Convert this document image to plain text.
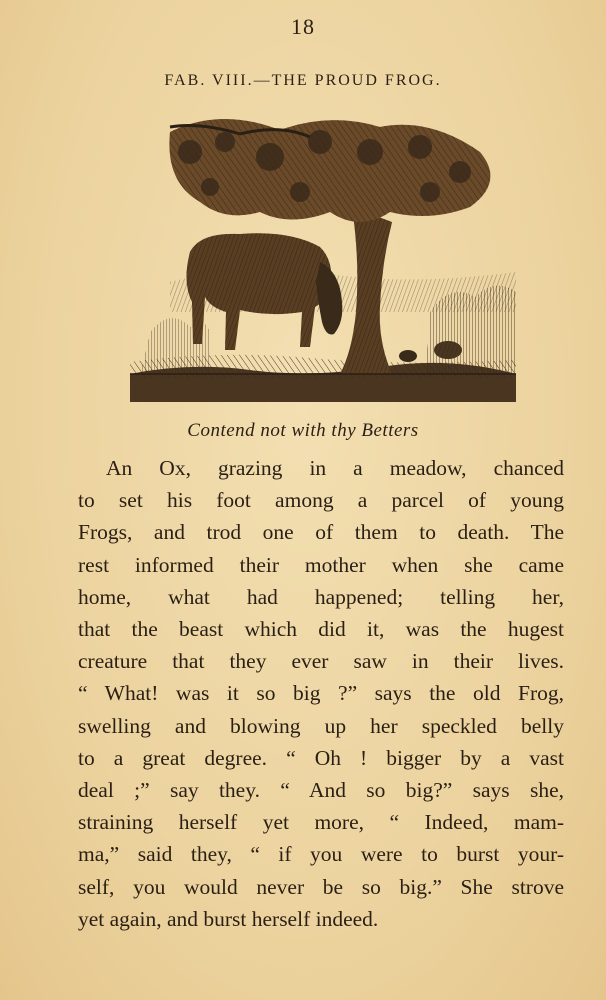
18
FAB. VIII.—THE PROUD FROG.
Contend not with thy Betters
An Ox, grazing in a meadow, chanced
to set his foot among a parcel of young
Frogs, and trod one of them to death. The
rest informed their mother when she came
home, what had happened; telling her,
that the beast which did it, was the hugest
creature that they ever saw in their lives.
“ What! was it so big ?” says the old Frog,
swelling and blowing up her speckled belly
to a great degree. “ Oh ! bigger by a vast
deal ;” say they. “ And so big?” says she,
straining herself yet more, “ Indeed, mam-
ma,” said they, “ if you were to burst your-
self, you would never be so big.” She strove
yet again, and burst herself indeed.
